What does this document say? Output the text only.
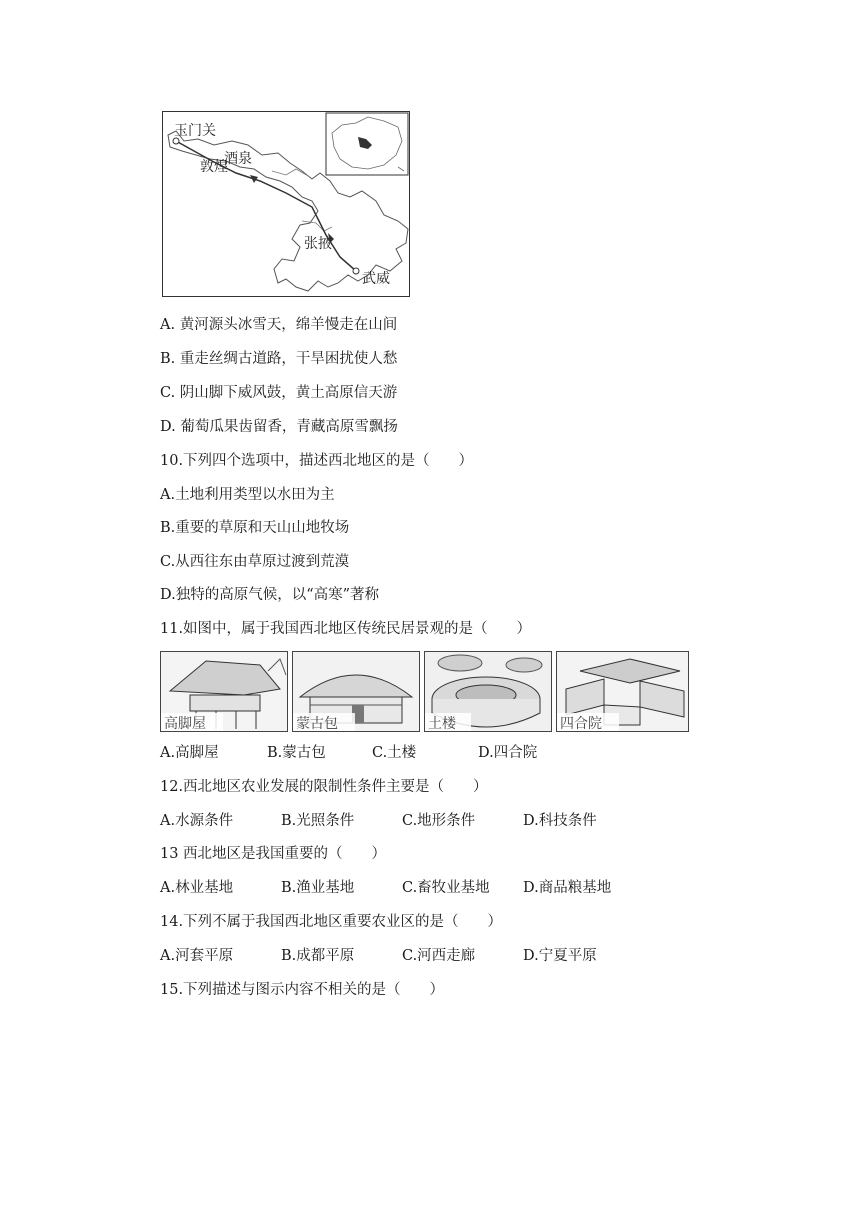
玉门关
敦煌
酒泉
张掖
武威
A. 黄河源头冰雪天，绵羊慢走在山间
B. 重走丝绸古道路，干旱困扰使人愁
C. 阴山脚下威风鼓，黄土高原信天游
D. 葡萄瓜果齿留香，青藏高原雪飘扬
10.下列四个选项中，描述西北地区的是（　　）
A.土地利用类型以水田为主
B.重要的草原和天山山地牧场
C.从西往东由草原过渡到荒漠
D.独特的高原气候，以“高寒”著称
11.如图中，属于我国西北地区传统民居景观的是（　　）
高脚屋	蒙古包	土楼	四合院
A.高脚屋	B.蒙古包	C.土楼	D.四合院
12.西北地区农业发展的限制性条件主要是（　　）
A.水源条件	B.光照条件	C.地形条件	D.科技条件
13 西北地区是我国重要的（　　）
A.林业基地	B.渔业基地	C.畜牧业基地 D.商品粮基地
14.下列不属于我国西北地区重要农业区的是（　　）
A.河套平原	B.成都平原	C.河西走廊	D.宁夏平原
15.下列描述与图示内容不相关的是（　　）
